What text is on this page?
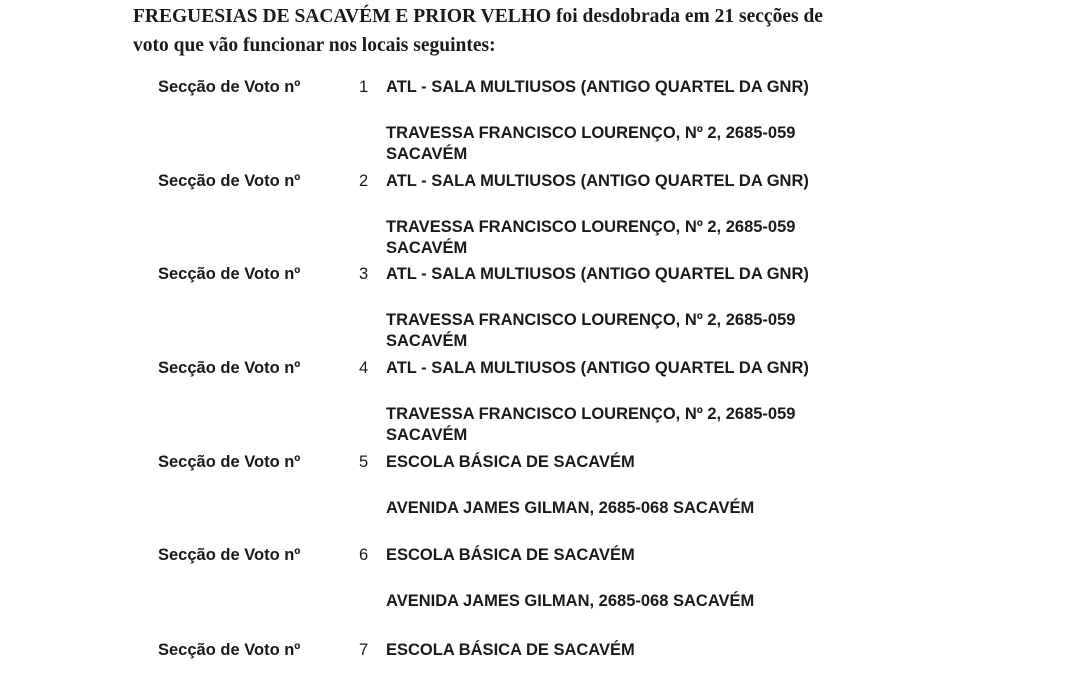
FREGUESIAS DE SACAVÉM E PRIOR VELHO foi desdobrada em 21 secções de
voto que vão funcionar nos locais seguintes:
Secção de Voto nº	1 ATL - SALA MULTIUSOS (ANTIGO QUARTEL DA GNR)
TRAVESSA FRANCISCO LOURENÇO, Nº 2, 2685-059 SACAVÉM
Secção de Voto nº	2 ATL - SALA MULTIUSOS (ANTIGO QUARTEL DA GNR)
TRAVESSA FRANCISCO LOURENÇO, Nº 2, 2685-059 SACAVÉM
Secção de Voto nº	3 ATL - SALA MULTIUSOS (ANTIGO QUARTEL DA GNR)
TRAVESSA FRANCISCO LOURENÇO, Nº 2, 2685-059 SACAVÉM
Secção de Voto nº	4 ATL - SALA MULTIUSOS (ANTIGO QUARTEL DA GNR)
TRAVESSA FRANCISCO LOURENÇO, Nº 2, 2685-059 SACAVÉM
Secção de Voto nº	5 ESCOLA BÁSICA DE SACAVÉM
AVENIDA JAMES GILMAN, 2685-068 SACAVÉM
Secção de Voto nº	6 ESCOLA BÁSICA DE SACAVÉM
AVENIDA JAMES GILMAN, 2685-068 SACAVÉM
Secção de Voto nº	7 ESCOLA BÁSICA DE SACAVÉM
